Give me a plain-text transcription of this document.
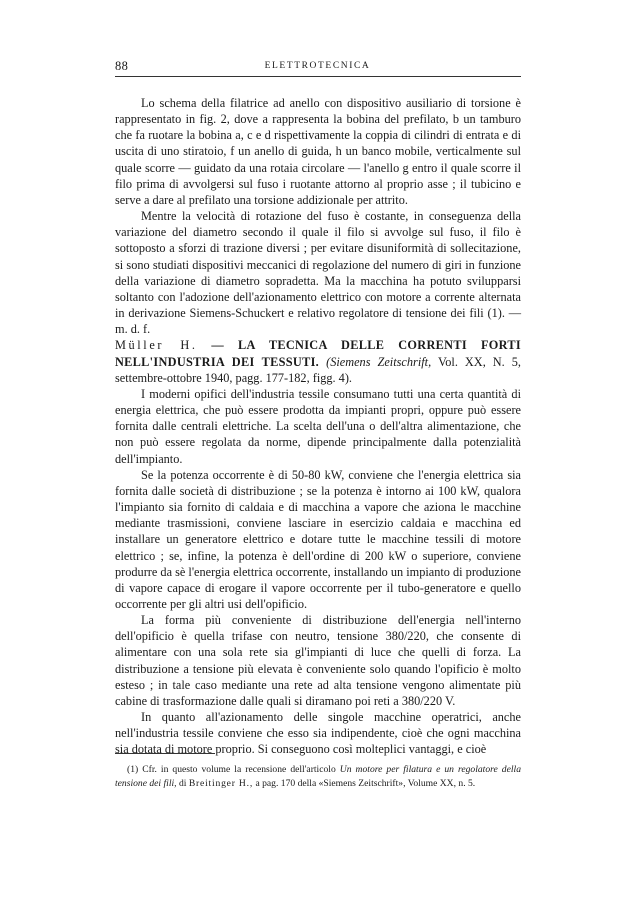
88	ELETTROTECNICA

Lo schema della filatrice ad anello con dispositivo ausiliario di torsione è rappresentato in fig. 2, dove a rappresenta la bobina del prefilato, b un tamburo che fa ruotare la bobina a, c e d rispettivamente la coppia di cilindri di entrata e di uscita di uno stiratoio, f un anello di guida, h un banco mobile, verticalmente sul quale scorre — guidato da una rotaia circolare — l'anello g entro il quale scorre il filo prima di avvolgersi sul fuso i ruotante attorno al proprio asse ; il tubicino e serve a dare al prefilato una torsione addizionale per attrito.

Mentre la velocità di rotazione del fuso è costante, in conseguenza della variazione del diametro secondo il quale il filo si avvolge sul fuso, il filo è sottoposto a sforzi di trazione diversi ; per evitare disuniformità di sollecitazione, si sono studiati dispositivi meccanici di regolazione del numero di giri in funzione della variazione di diametro sopradetta. Ma la macchina ha potuto svilupparsi soltanto con l'adozione dell'azionamento elettrico con motore a corrente alternata in derivazione Siemens-Schuckert e relativo regolatore di tensione dei fili (1). — m. d. f.

Müller H. — LA TECNICA DELLE CORRENTI FORTI NELL'INDUSTRIA DEI TESSUTI. (Siemens Zeitschrift, Vol. XX, N. 5, settembre-ottobre 1940, pagg. 177-182, figg. 4).

I moderni opifici dell'industria tessile consumano tutti una certa quantità di energia elettrica, che può essere prodotta da impianti propri, oppure può essere fornita dalle centrali elettriche. La scelta dell'una o dell'altra alimentazione, che non può essere regolata da norme, dipende principalmente dalla potenzialità dell'impianto.

Se la potenza occorrente è di 50-80 kW, conviene che l'energia elettrica sia fornita dalle società di distribuzione ; se la potenza è intorno ai 100 kW, qualora l'impianto sia fornito di caldaia e di macchina a vapore che aziona le macchine mediante trasmissioni, conviene lasciare in esercizio caldaia e macchina ed installare un generatore elettrico e dotare tutte le macchine tessili di motore elettrico ; se, infine, la potenza è dell'ordine di 200 kW o superiore, conviene produrre da sè l'energia elettrica occorrente, installando un impianto di produzione di vapore capace di erogare il vapore occorrente per il tubo-generatore e quello occorrente per gli altri usi dell'opificio.

La forma più conveniente di distribuzione dell'energia nell'interno dell'opificio è quella trifase con neutro, tensione 380/220, che consente di alimentare con una sola rete sia gl'impianti di luce che quelli di forza. La distribuzione a tensione più elevata è conveniente solo quando l'opificio è molto esteso ; in tale caso mediante una rete ad alta tensione vengono alimentate più cabine di trasformazione dalle quali si diramano poi reti a 380/220 V.

In quanto all'azionamento delle singole macchine operatrici, anche nell'industria tessile conviene che esso sia indipendente, cioè che ogni macchina sia dotata di motore proprio. Si conseguono così molteplici vantaggi, e cioè

(1) Cfr. in questo volume la recensione dell'articolo Un motore per filatura e un regolatore della tensione dei fili, di Breitinger H., a pag. 170 della «Siemens Zeitschrift», Volume XX, n. 5.
